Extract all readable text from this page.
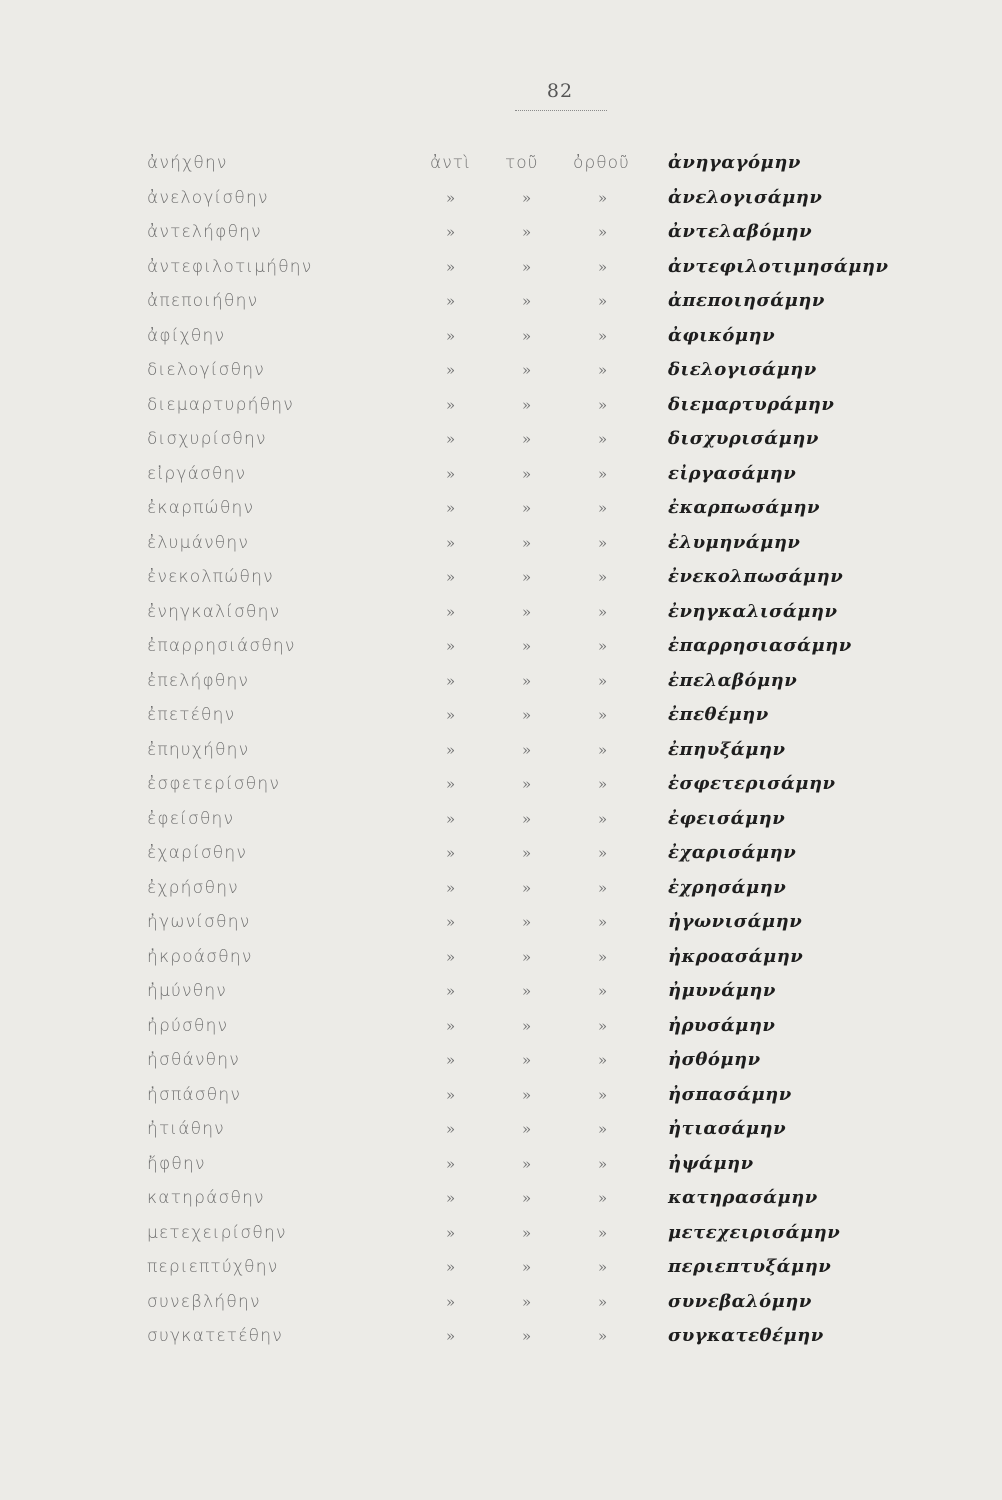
82
ἀνήχθην	ἀντὶ τοῦ ὀρθοῦ ἀνηγαγόμην
ἀνελογίσθην	»	»	»	ἀνελογισάμην
ἀντελήφθην	»	»	»	ἀντελαβόμην
ἀντεφιλοτιμήθην	»	»	»	ἀντεφιλοτιμησάμην
ἀπεποιήθην	»	»	»	ἀπεποιησάμην
ἀφίχθην	»	»	»	ἀφικόμην
διελογίσθην	»	»	»	διελογισάμην
διεμαρτυρήθην	»	»	»	διεμαρτυράμην
δισχυρίσθην	»	»	»	δισχυρισάμην
εἰργάσθην	»	»	»	εἰργασάμην
ἐκαρπώθην	»	»	»	ἐκαρπωσάμην
ἐλυμάνθην	»	»	»	ἐλυμηνάμην
ἐνεκολπώθην	»	»	»	ἐνεκολπωσάμην
ἐνηγκαλίσθην	»	»	»	ἐνηγκαλισάμην
ἐπαρρησιάσθην	»	»	»	ἐπαρρησιασάμην
ἐπελήφθην	»	»	»	ἐπελαβόμην
ἐπετέθην	»	»	»	ἐπεθέμην
ἐπηυχήθην	»	»	»	ἐπηυξάμην
ἐσφετερίσθην	»	»	»	ἐσφετερισάμην
ἐφείσθην	»	»	»	ἐφεισάμην
ἐχαρίσθην	»	»	»	ἐχαρισάμην
ἐχρήσθην	»	»	»	ἐχρησάμην
ἠγωνίσθην	»	»	»	ἠγωνισάμην
ἠκροάσθην	»	»	»	ἠκροασάμην
ἠμύνθην	»	»	»	ἠμυνάμην
ἠρύσθην	»	»	»	ἠρυσάμην
ἠσθάνθην	»	»	»	ἠσθόμην
ἠσπάσθην	»	»	»	ἠσπασάμην
ἠτιάθην	»	»	»	ἠτιασάμην
ἤφθην	»	»	»	ἠψάμην
κατηράσθην	»	»	»	κατηρασάμην
μετεχειρίσθην	»	»	»	μετεχειρισάμην
περιεπτύχθην	»	»	»	περιεπτυξάμην
συνεβλήθην	»	»	»	συνεβαλόμην
συγκατετέθην	»	»	»	συγκατεθέμην
